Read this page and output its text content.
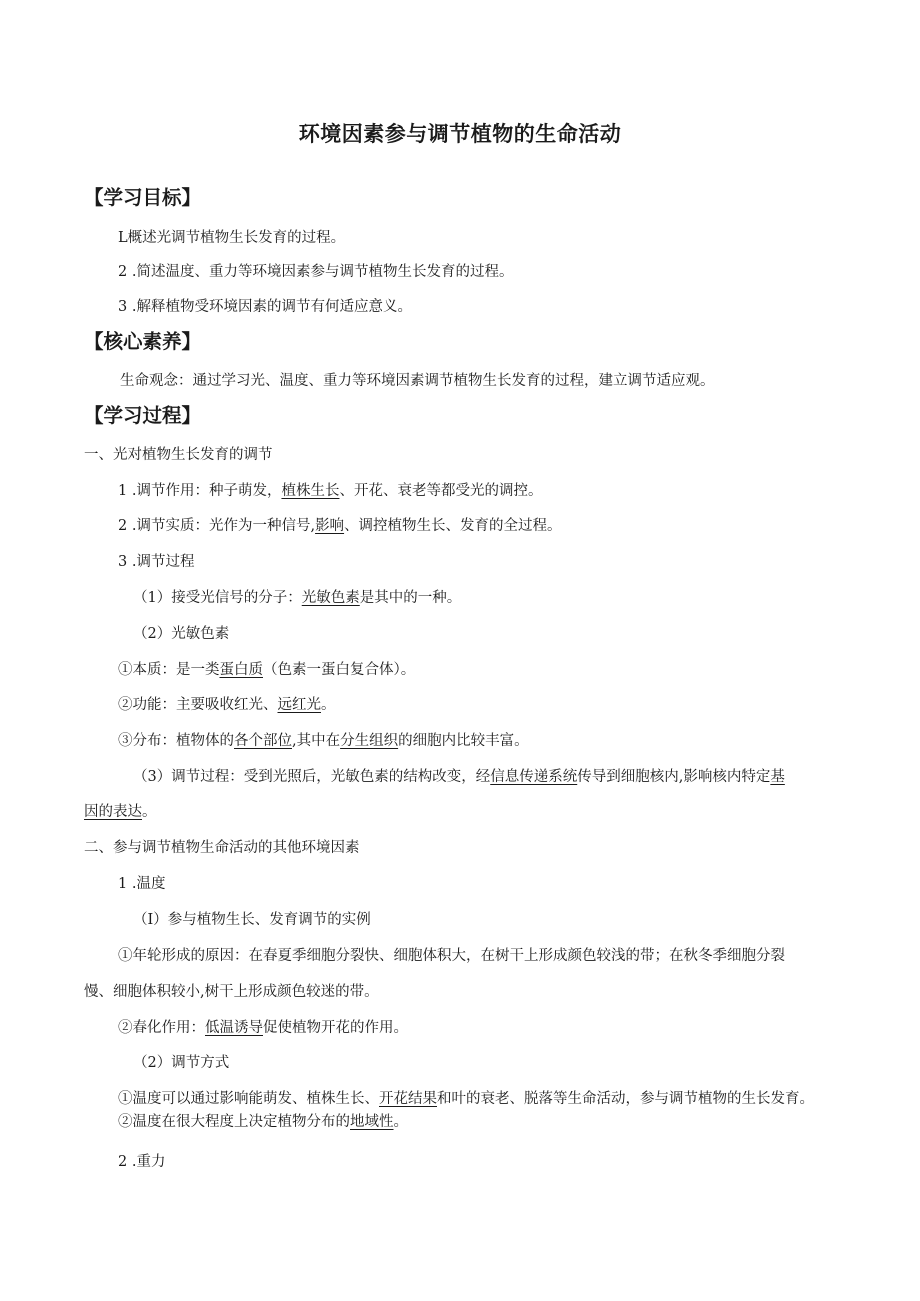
环境因素参与调节植物的生命活动
【学习目标】
L概述光调节植物生长发育的过程。
2 .简述温度、重力等环境因素参与调节植物生长发育的过程。
3 .解释植物受环境因素的调节有何适应意义。
【核心素养】
生命观念：通过学习光、温度、重力等环境因素调节植物生长发育的过程，建立调节适应观。
【学习过程】
一、光对植物生长发育的调节
1 .调节作用：种子萌发，植株生长、开花、衰老等都受光的调控。
2 .调节实质：光作为一种信号,影响、调控植物生长、发育的全过程。
3 .调节过程
（1）接受光信号的分子：光敏色素是其中的一种。
（2）光敏色素
①本质：是一类蛋白质（色素一蛋白复合体）。
②功能：主要吸收红光、远红光。
③分布：植物体的各个部位,其中在分生组织的细胞内比较丰富。
（3）调节过程：受到光照后，光敏色素的结构改变，经信息传递系统传导到细胞核内,影响核内特定基
因的表达。
二、参与调节植物生命活动的其他环境因素
1 .温度
（I）参与植物生长、发育调节的实例
①年轮形成的原因：在春夏季细胞分裂快、细胞体积大，在树干上形成颜色较浅的带；在秋冬季细胞分裂
慢、细胞体积较小,树干上形成颜色较迷的带。
②春化作用：低温诱导促使植物开花的作用。
（2）调节方式
①温度可以通过影响能萌发、植株生长、开花结果和叶的衰老、脱落等生命活动，参与调节植物的生长发育。
②温度在很大程度上决定植物分布的地域性。
2 .重力
